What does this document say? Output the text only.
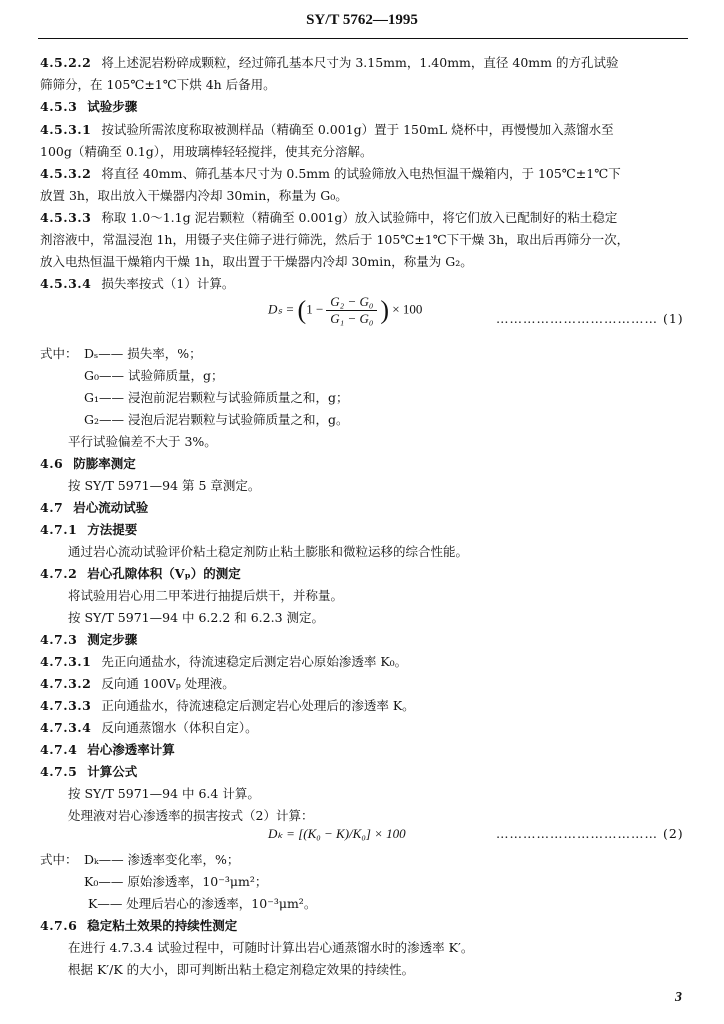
SY/T 5762—1995
4.5.2.2 将上述泥岩粉碎成颗粒，经过筛孔基本尺寸为 3.15mm，1.40mm，直径 40mm 的方孔试验
筛筛分，在 105℃±1℃下烘 4h 后备用。
4.5.3 试验步骤
4.5.3.1 按试验所需浓度称取被测样品（精确至 0.001g）置于 150mL 烧杯中，再慢慢加入蒸馏水至
100g（精确至 0.1g），用玻璃棒轻轻搅拌，使其充分溶解。
4.5.3.2 将直径 40mm、筛孔基本尺寸为 0.5mm 的试验筛放入电热恒温干燥箱内，于 105℃±1℃下
放置 3h，取出放入干燥器内冷却 30min，称量为 G₀。
4.5.3.3 称取 1.0～1.1g 泥岩颗粒（精确至 0.001g）放入试验筛中，将它们放入已配制好的粘土稳定
剂溶液中，常温浸泡 1h，用镊子夹住筛子进行筛洗，然后于 105℃±1℃下干燥 3h，取出后再筛分一次，
放入电热恒温干燥箱内干燥 1h，取出置于干燥器内冷却 30min，称量为 G₂。
4.5.3.4 损失率按式（1）计算。
$D_s = (1 - \frac{\text{G₂ − G₀}}{\text{G₁ − G₀}}$ ) × 100
……………………………… (1)
式中： Dₛ—— 损失率，%；
G₀—— 试验筛质量，g；
G₁—— 浸泡前泥岩颗粒与试验筛质量之和，g；
G₂—— 浸泡后泥岩颗粒与试验筛质量之和，g。
平行试验偏差不大于 3%。
4.6 防膨率测定
按 SY/T 5971—94 第 5 章测定。
4.7 岩心流动试验
4.7.1 方法提要
通过岩心流动试验评价粘土稳定剂防止粘土膨胀和微粒运移的综合性能。
4.7.2 岩心孔隙体积（Vₚ）的测定
将试验用岩心用二甲苯进行抽提后烘干，并称量。
按 SY/T 5971—94 中 6.2.2 和 6.2.3 测定。
4.7.3 测定步骤
4.7.3.1 先正向通盐水，待流速稳定后测定岩心原始渗透率 K₀。
4.7.3.2 反向通 100Vₚ 处理液。
4.7.3.3 正向通盐水，待流速稳定后测定岩心处理后的渗透率 K。
4.7.3.4 反向通蒸馏水（体积自定）。
4.7.4 岩心渗透率计算
4.7.5 计算公式
按 SY/T 5971—94 中 6.4 计算。
处理液对岩心渗透率的损害按式（2）计算：
Dₖ = [(K₀ − K)/K₀] × 100	……………………………… (2)
式中： Dₖ—— 渗透率变化率，%；
K₀—— 原始渗透率，10⁻³μm²；
K—— 处理后岩心的渗透率，10⁻³μm²。
4.7.6 稳定粘土效果的持续性测定
在进行 4.7.3.4 试验过程中，可随时计算出岩心通蒸馏水时的渗透率 K′。
根据 K′/K 的大小，即可判断出粘土稳定剂稳定效果的持续性。
3
